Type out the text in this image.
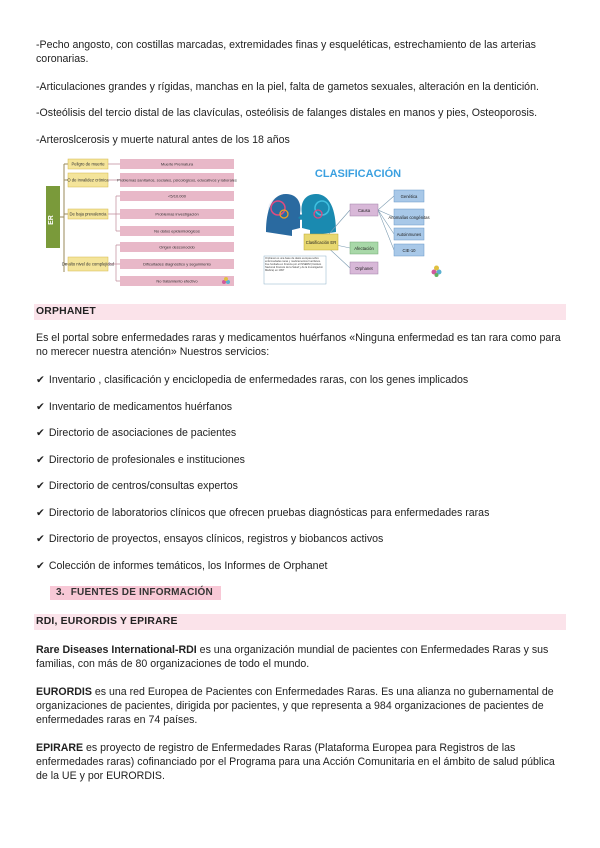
-Pecho angosto, con costillas marcadas, extremidades finas y esqueléticas, estrechamiento de las arterias coronarias.
-Articulaciones grandes y rígidas, manchas en la piel, falta de gametos sexuales, alteración en la dentición.
-Osteólisis del tercio distal de las clavículas, osteólisis de falanges distales en manos y pies, Osteoporosis.
-Arteroslcerosis y muerte natural antes de los 18 años
ER
Peligro de muerte
O de invalidez crónica
De baja prevalencia
De alto nivel de complejidad
Muerte Prematura
Problemas sanitarios, sociales, psicológicos, educativos y laborales
<5/10.000
Problemas investigación
No datos epidemiológicos
Origen desconocido
Dificultades diagnóstico y seguimiento
No tratamiento efectivo
CLASIFICACIÓN
Clasificación ER
Causa
Afectación
Orphanet
Genética
Anomalías congénitas
Autoinmunes
CIE-10
Orphanet es una base de datos europea sobre enfermedades raras y medicamentos huérfanos. Fue fundada en Francia por el INSERM (Instituto Nacional Francés de la Salud y de la Investigación Médica) en 1997
ORPHANET
Es el portal sobre enfermedades raras y medicamentos huérfanos «Ninguna enfermedad es tan rara como para no merecer nuestra atención» Nuestros servicios:
✔ Inventario , clasificación y enciclopedia de enfermedades raras, con los genes implicados
✔ Inventario de medicamentos huérfanos
✔ Directorio de asociaciones de pacientes
✔ Directorio de profesionales e instituciones
✔ Directorio de centros/consultas expertos
✔ Directorio de laboratorios clínicos que ofrecen pruebas diagnósticas para enfermedades raras
✔ Directorio de proyectos, ensayos clínicos, registros y biobancos activos
✔ Colección de informes temáticos, los Informes de Orphanet
3. FUENTES DE INFORMACIÓN
RDI, EURORDIS Y EPIRARE
Rare Diseases International-RDI es una organización mundial de pacientes con Enfermedades Raras y sus familias, con más de 80 organizaciones de todo el mundo.
EURORDIS es una red Europea de Pacientes con Enfermedades Raras. Es una alianza no gubernamental de organizaciones de pacientes, dirigida por pacientes, y que representa a 984 organizaciones de pacientes de enfermedades raras en 74 países.
EPIRARE es proyecto de registro de Enfermedades Raras (Plataforma Europea para Registros de las enfermedades raras) cofinanciado por el Programa para una Acción Comunitaria en el ámbito de salud pública de la UE y por EURORDIS.
